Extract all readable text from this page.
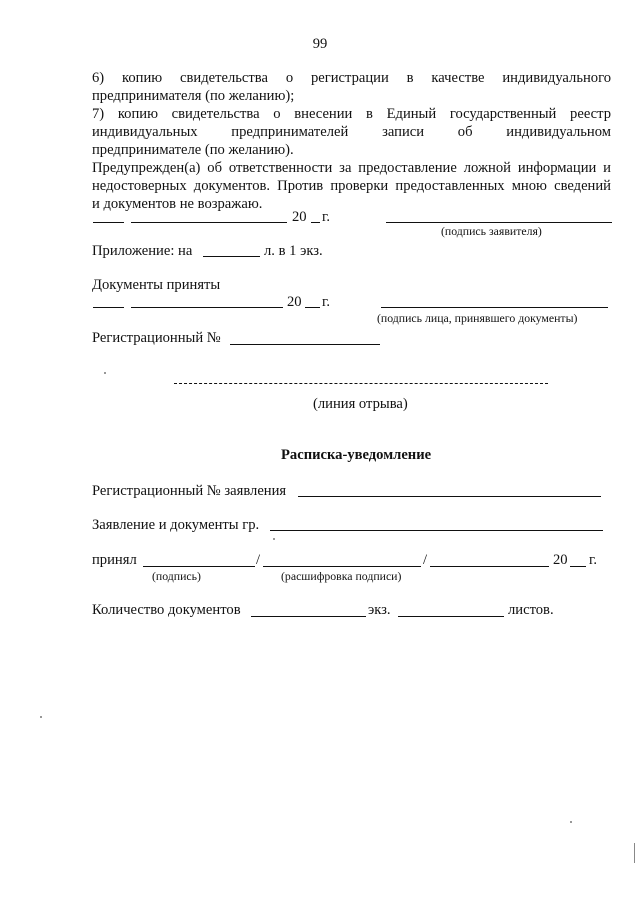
99
6) копию свидетельства о регистрации в качестве индивидуального
предпринимателя (по желанию);
7) копию свидетельства о внесении в Единый государственный реестр
индивидуальных предпринимателей записи об индивидуальном
предпринимателе (по желанию).
Предупрежден(а) об ответственности за предоставление ложной информации и
недостоверных документов. Против проверки предоставленных мною сведений
и документов не возражаю.
20 г.
(подпись заявителя)
Приложение: на	л. в 1 экз.
Документы приняты
20 г.
(подпись лица, принявшего документы)
Регистрационный №
(линия отрыва)
Расписка-уведомление
Регистрационный № заявления
Заявление и документы гр.
принял	/	/	20 г.
(подпись)	(расшифровка подписи)
Количество документов	экз.	листов.
